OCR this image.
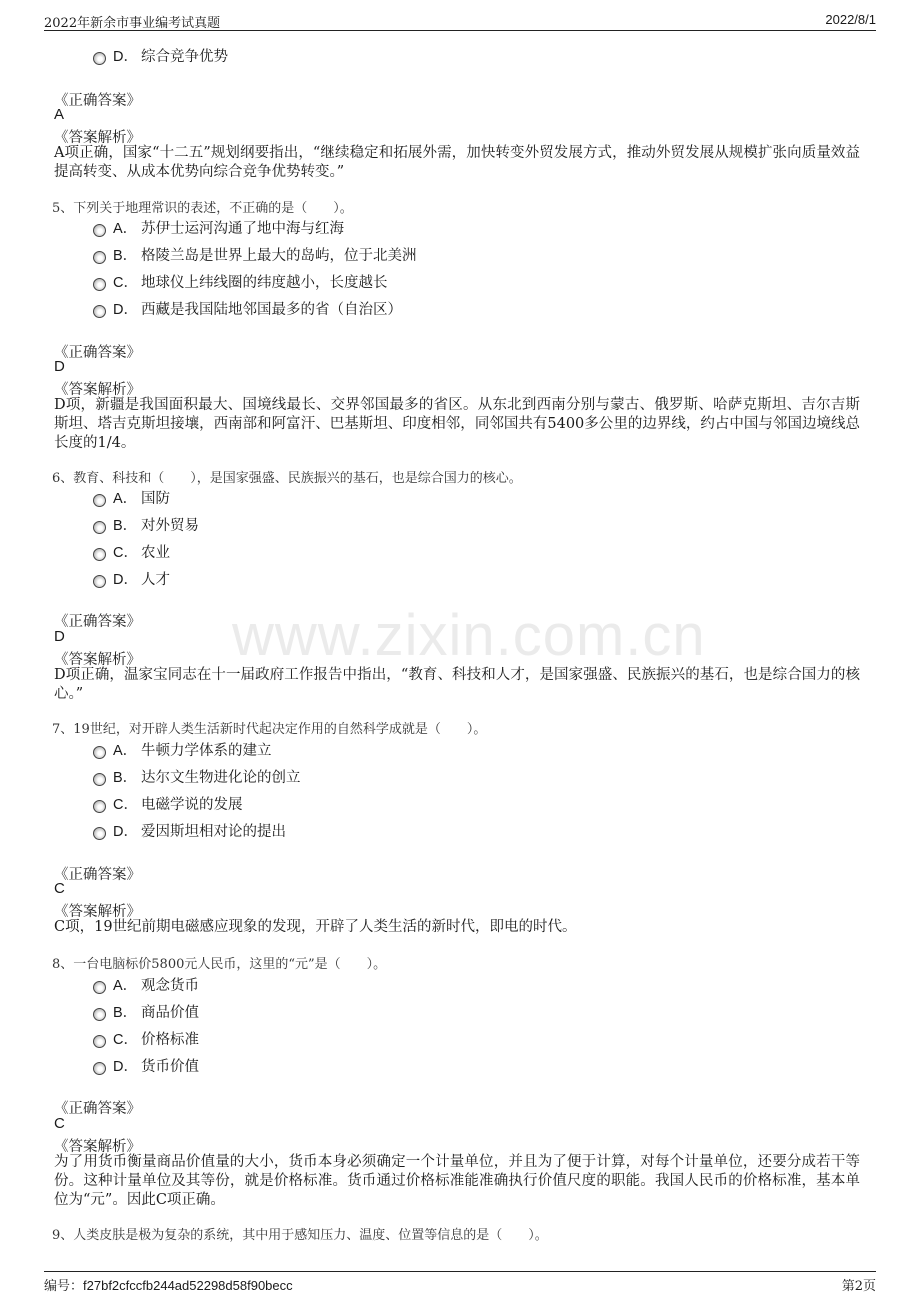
2022年新余市事业编考试真题	2022/8/1
www.zixin.com.cn
D． 综合竞争优势
《正确答案》
A
《答案解析》
A项正确，国家“十二五”规划纲要指出，“继续稳定和拓展外需，加快转变外贸发展方式，推动外贸发展从规模扩张向质量效益提高转变、从成本优势向综合竞争优势转变。”
5、下列关于地理常识的表述，不正确的是（　　）。
A． 苏伊士运河沟通了地中海与红海
B． 格陵兰岛是世界上最大的岛屿，位于北美洲
C． 地球仪上纬线圈的纬度越小，长度越长
D． 西藏是我国陆地邻国最多的省（自治区）
《正确答案》
D
《答案解析》
D项，新疆是我国面积最大、国境线最长、交界邻国最多的省区。从东北到西南分别与蒙古、俄罗斯、哈萨克斯坦、吉尔吉斯斯坦、塔吉克斯坦接壤，西南部和阿富汗、巴基斯坦、印度相邻，同邻国共有5400多公里的边界线，约占中国与邻国边境线总长度的1/4。
6、教育、科技和（　　），是国家强盛、民族振兴的基石，也是综合国力的核心。
A． 国防
B． 对外贸易
C． 农业
D． 人才
《正确答案》
D
《答案解析》
D项正确，温家宝同志在十一届政府工作报告中指出，“教育、科技和人才，是国家强盛、民族振兴的基石，也是综合国力的核心。”
7、19世纪，对开辟人类生活新时代起决定作用的自然科学成就是（　　）。
A． 牛顿力学体系的建立
B． 达尔文生物进化论的创立
C． 电磁学说的发展
D． 爱因斯坦相对论的提出
《正确答案》
C
《答案解析》
C项，19世纪前期电磁感应现象的发现，开辟了人类生活的新时代，即电的时代。
8、一台电脑标价5800元人民币，这里的“元”是（　　）。
A． 观念货币
B． 商品价值
C． 价格标准
D． 货币价值
《正确答案》
C
《答案解析》
为了用货币衡量商品价值量的大小，货币本身必须确定一个计量单位，并且为了便于计算，对每个计量单位，还要分成若干等份。这种计量单位及其等份，就是价格标准。货币通过价格标准能准确执行价值尺度的职能。我国人民币的价格标准，基本单位为“元”。因此C项正确。
9、人类皮肤是极为复杂的系统，其中用于感知压力、温度、位置等信息的是（　　）。
编号：f27bf2cfccfb244ad52298d58f90becc	第2页
